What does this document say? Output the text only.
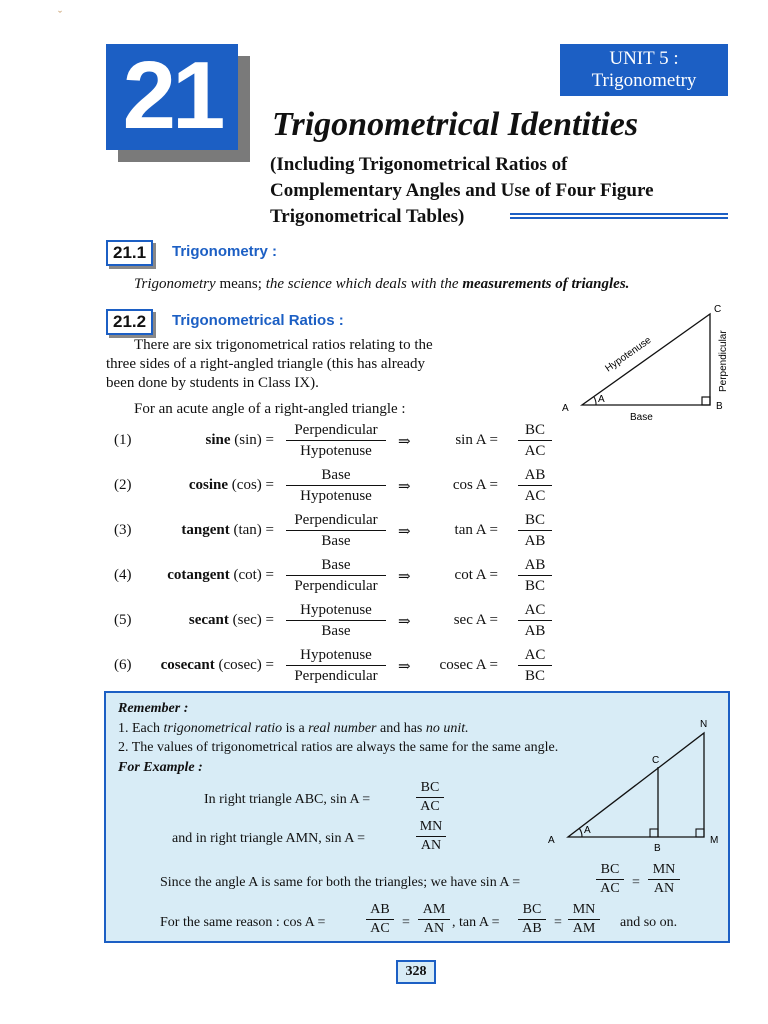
ˇ
21	UNIT 5 :
Trigonometry
Trigonometrical Identities
(Including Trigonometrical Ratios of
Complementary Angles and Use of Four Figure
Trigonometrical Tables)
21.1	Trigonometry :
Trigonometry means; the science which deals with the measurements of triangles.
21.2	Trigonometrical Ratios :
There are six trigonometrical ratios relating to the
three sides of a right-angled triangle (this has already
been done by students in Class IX).
For an acute angle of a right-angled triangle :
A
A	B
C
Base
Hypotenuse	Perpendicular
(1)	sine (sin) =
Perpendicular
Hypotenuse
⇒	sin A =
BC
AC
(2)	cosine (cos) =
Base
Hypotenuse
⇒	cos A =
AB
AC
(3)	tangent (tan) =
Perpendicular
Base
⇒	tan A =
BC
AB
(4) cotangent (cot) =
Base
Perpendicular
⇒	cot A =
AB
BC
(5)	secant (sec) =
Hypotenuse
Base
⇒	sec A =
AC
AB
(6) cosecant (cosec) =
Hypotenuse
Perpendicular
⇒ cosec A =
AC
BC
Remember :
1. Each trigonometrical ratio is a real number and has no unit.
2. The values of trigonometrical ratios are always the same for the same angle.
For Example :
In right triangle ABC, sin A =
BC
AC
and in right triangle AMN, sin A =
MN
AN
Since the angle A is same for both the triangles; we have sin A =
BC
AC =
MN
AN
For the same reason : cos A =
AB
AC =
AM
AN , tan A =
BC
AB =
MN
AM	and so on.
A
A
B
C
M
N
328
